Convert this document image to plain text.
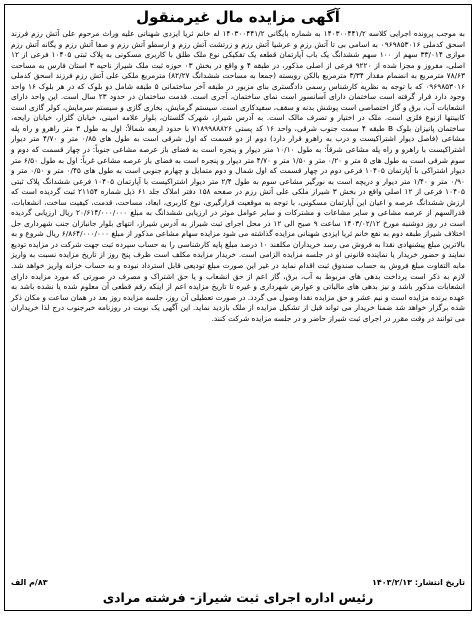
آگهی مزایده مال غیرمنقول

به موجب پرونده اجرایی کلاسه ۱۴۰۳۰۰۴۴۱/۲ به شماره بایگانی ۱۴۰۳۰۰۴۴۱/۲ له خانم ثریا ایزدی شهنانی علیه وراث مرحوم علی آتش رزم فرزند اسحق کدملی ۰۹۶۹۸۵۳۰۱۶ به اسامی بی تا آتش رزم و عرشیا آتش رزم و زرتشت آتش رزم و ارسطو آتش رزم و صفا آتش رزم و یگانه آتش رزم موازی ۳۳/۰۱۴ سهم از ۱۰۰ سهم ششدانگ یک باب آپارتمان قطعه یک تفکیکی نوع ملک طلق با کاربری مسکونی به پلاک ثبتی ۱۰۴۰۵ فرعی از ۱۲ اصلی، مفروز و مجزا شده از ۹۲۲۰ فرعی از اصلی مذکور، در طبقه ۴ و واقع در بخش ۰۳ حوزه ثبت ملک شیراز ناحیه ۳ استان فارس به مساحت ۷۸/۶۳ مترمربع به انضمام مقدار ۳/۳۴ مترمربع بالکن روبسته (جمعا به مساحت ششدانگ ۸۲/۲۷) مترمربع ملکی علی آتش رزم فرزند اسحق کدملی ۰۹۶۹۸۵۳۰۱۶ که با توجه به نظریه کارشناس رسمی دادگستری بنای مزبور در طبقه آخر ساختمانی ۵ طبقه شامل دو بلوک که در هر بلوک ۱۶ واحد وجود دارد قرار گرفته است ساختمان دارای آسانسور است نمای ساختمان، آجری است. قدمت ساختمان در حدود ۲۳ سال است. این واحد دارای انشعابات آب، برق و گاز اختصاصی است پوشش بدنه و سقف، سفیدکاری است. سیستم گرمایش، بخاری گازی و سیستم سرمایش، کولر گازی است کابینتها ازنوع فلزی است. ملک در اختیار و تصرف مالک است. به آدرس شیراز، شهرک گلستان، بلوار علامه امینی، خیابان گلزار، خیابان رایحه، ساختمان پانیزان بلوک B طبقه ۴ سمت جنوب شرقی، واحد ۱۶ کد پستی ۷۱۸۹۹۸۸۸۲۶ با حدود اربعه شمالاً: اول به طول ۳ متر راهرو و راه پله مشاعی (فاصل دیوار اشتراکیست و درب به راهرو قرار دارد) دوم از دو قسمت که اول شرقی است به طول های ۰/۸۵ متر و ۴/۷۰ متر دیوار اشتراکیست با راهرو و راه پله مشاعی شرقاً: به طول ۱۰/۱۰ متر دیوار و پنجره است به فضای باز عرصه مشاعی جنوباً: در چهار قسمت که دوم و سوم شرقی است به طول های ۵ متر و ۰/۲۰ متر و ۱/۵۰ متر و ۴/۷۰ متر دیوار و پنجره است به فضای باز عرصه مشاعی غرباً: اول به طول ۶/۵۰ متر دیوار اشتراکی با آپارتمان ۱۰۴۰۵ فرعی دوم در چهار قسمت که اول شمال و دوم متمایل و چهارم جنوبی است به طول های ۰/۴۵ متر و ۰/۵۰ متر و ۰/۹۰ متر و ۱/۴۰ متر دیوار و دریچه است به نورگیر مشاعی سوم به طول ۲/۴ متر دیوار اشتراکیست با آپارتمان ۱۰۴۰۵ فرعی ششدانگ پلاک ثبتی ۱۰۴۰۵ فرعی از ۱۲ اصلی واقع در بخش ۳ شیراز ملکی علی آتش رزم در صفحه ۱۵۸ دفتر املاک جلد ۶۱ ذیل شماره ۲۱۱۵۴ ثبت گردیده است که ارزش ششدانگ عرصه و اعیان این آپارتمان مسکونی، با توجه به موقعیت قرارگیری، نوع کاربری، ابعاد، مساحت، قدمت، کیفیت ساخت، انشعابات، قدرالسهم از عرصه مشاعی و سایر مشاعات و مشترکات و سایر عوامل موثر در ارزیابی ششدانگ به مبلغ ۲۰/۶۱۴/۰۰۰/۰۰۰ ریال ارزیابی گردیده است در روز دوشنبه مورخ ۱۴۰۳/۰۲/۱۲ ساعت ۹ صبح الی ۱۲ در محل اجرای ثبت شیراز به آدرس شیراز، انتهای بلوار جانبازان جنب شهرداری حل اختلاف شیراز طبقه دوم به نفع خانم ثریا ایزدی شهنانی مزایده گذاشته می شود مزایده سهام مشاعی مذکور از مبلغ ۶/۸۶۴/۰۰۰/۰۰۰ ریال شروع و به بالاترین مبلغ پیشنهادی نقدا به فروش می رسد خریداران مکلفند ۱۰ درصد مبلغ پایه کارشناسی را به حساب سپرده ثبت جهت شرکت در مزایده تودیع نمایند و حضور خریدار یا نماینده قانونی او در جلسه مزایده الزامی است. خریدار مزایده مکلف است ظرف پنج روز از تاریخ مزایده نسبت به واریز مابه التفاوت مبلغ فروش به حساب صندوق ثبت اقدام نماید در غیر این صورت مبلغ تودیعی قابل استرداد نبوده و به حساب خزانه واریز خواهد شد. لازم به ذکر است پرداخت بدهی های مربوط به آب، برق، گاز اعم از حق انشعاب و یا حق اشتراک و مصرف در صورتی که مورد مزایده دارای انشعابات مذکور باشد و نیز بدهی های مالیاتی و عوارض شهرداری و غیره تا تاریخ مزایده اعم از اینکه رقم قطعی آن معلوم شده یا نشده باشد به عهده برنده مزایده است و نیم عشر و حق مزایده نقدا وصول می گردد. در صورت تعطیلی آن روز، جلسه مزایده روز بعد در همان ساعت و مکان ذکر شده برگزار خواهد شد ضمنا خریدار می تواند قبل از تشکیل مزایده از ملک بازدید نماید. این آگهی یک نوبت در روزنامه خبرجنوب درج لذا خریداران می توانند در وقت مقرر در اجرای ثبت شیراز حاضر و در جلسه مزایده شرکت کنند.

تاریخ انتشار: ۱۴۰۳/۲/۱۳
۸۳/م الف
رئیس اداره اجرای ثبت شیراز- فرشته مرادی
